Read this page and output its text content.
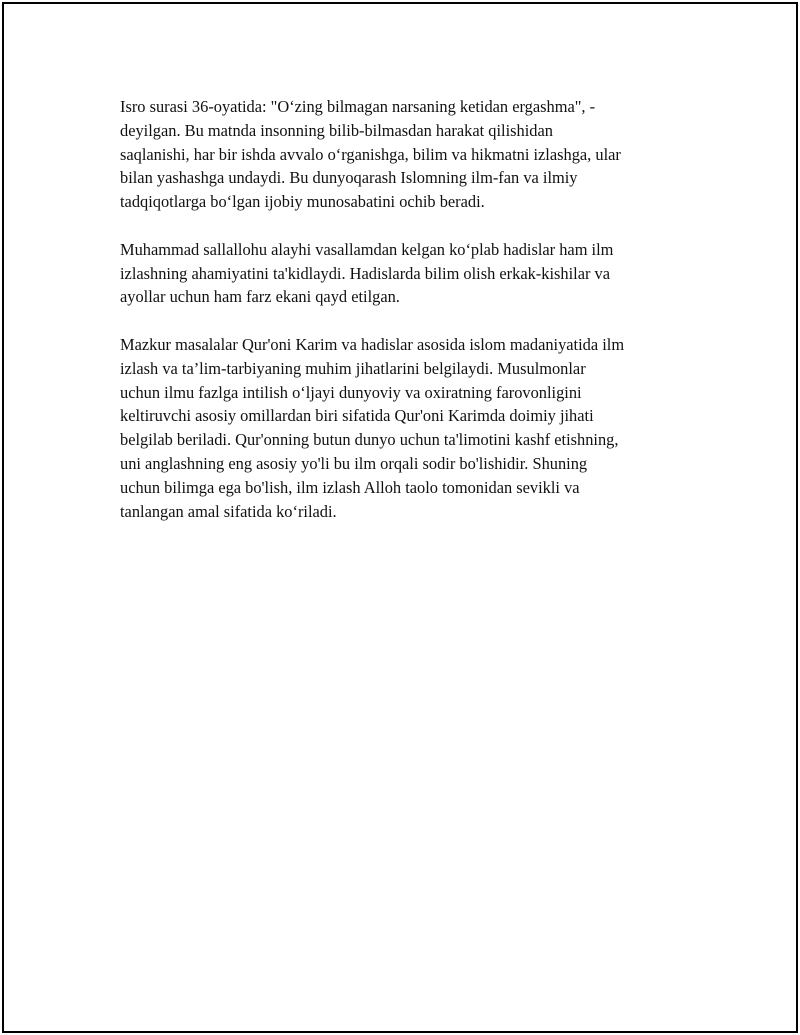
Isro surasi 36-oyatida: "O‘zing bilmagan narsaning ketidan ergashma", -
deyilgan. Bu matnda insonning bilib-bilmasdan harakat qilishidan
saqlanishi, har bir ishda avvalo o‘rganishga, bilim va hikmatni izlashga, ular
bilan yashashga undaydi. Bu dunyoqarash Islomning ilm-fan va ilmiy
tadqiqotlarga bo‘lgan ijobiy munosabatini ochib beradi.

Muhammad sallallohu alayhi vasallamdan kelgan ko‘plab hadislar ham ilm
izlashning ahamiyatini ta'kidlaydi. Hadislarda bilim olish erkak-kishilar va
ayollar uchun ham farz ekani qayd etilgan.

Mazkur masalalar Qur'oni Karim va hadislar asosida islom madaniyatida ilm
izlash va ta’lim-tarbiyaning muhim jihatlarini belgilaydi. Musulmonlar
uchun ilmu fazlga intilish o‘ljayi dunyoviy va oxiratning farovonligini
keltiruvchi asosiy omillardan biri sifatida Qur'oni Karimda doimiy jihati
belgilab beriladi. Qur'onning butun dunyo uchun ta'limotini kashf etishning,
uni anglashning eng asosiy yo'li bu ilm orqali sodir bo'lishidir. Shuning
uchun bilimga ega bo'lish, ilm izlash Alloh taolo tomonidan sevikli va
tanlangan amal sifatida ko‘riladi.
